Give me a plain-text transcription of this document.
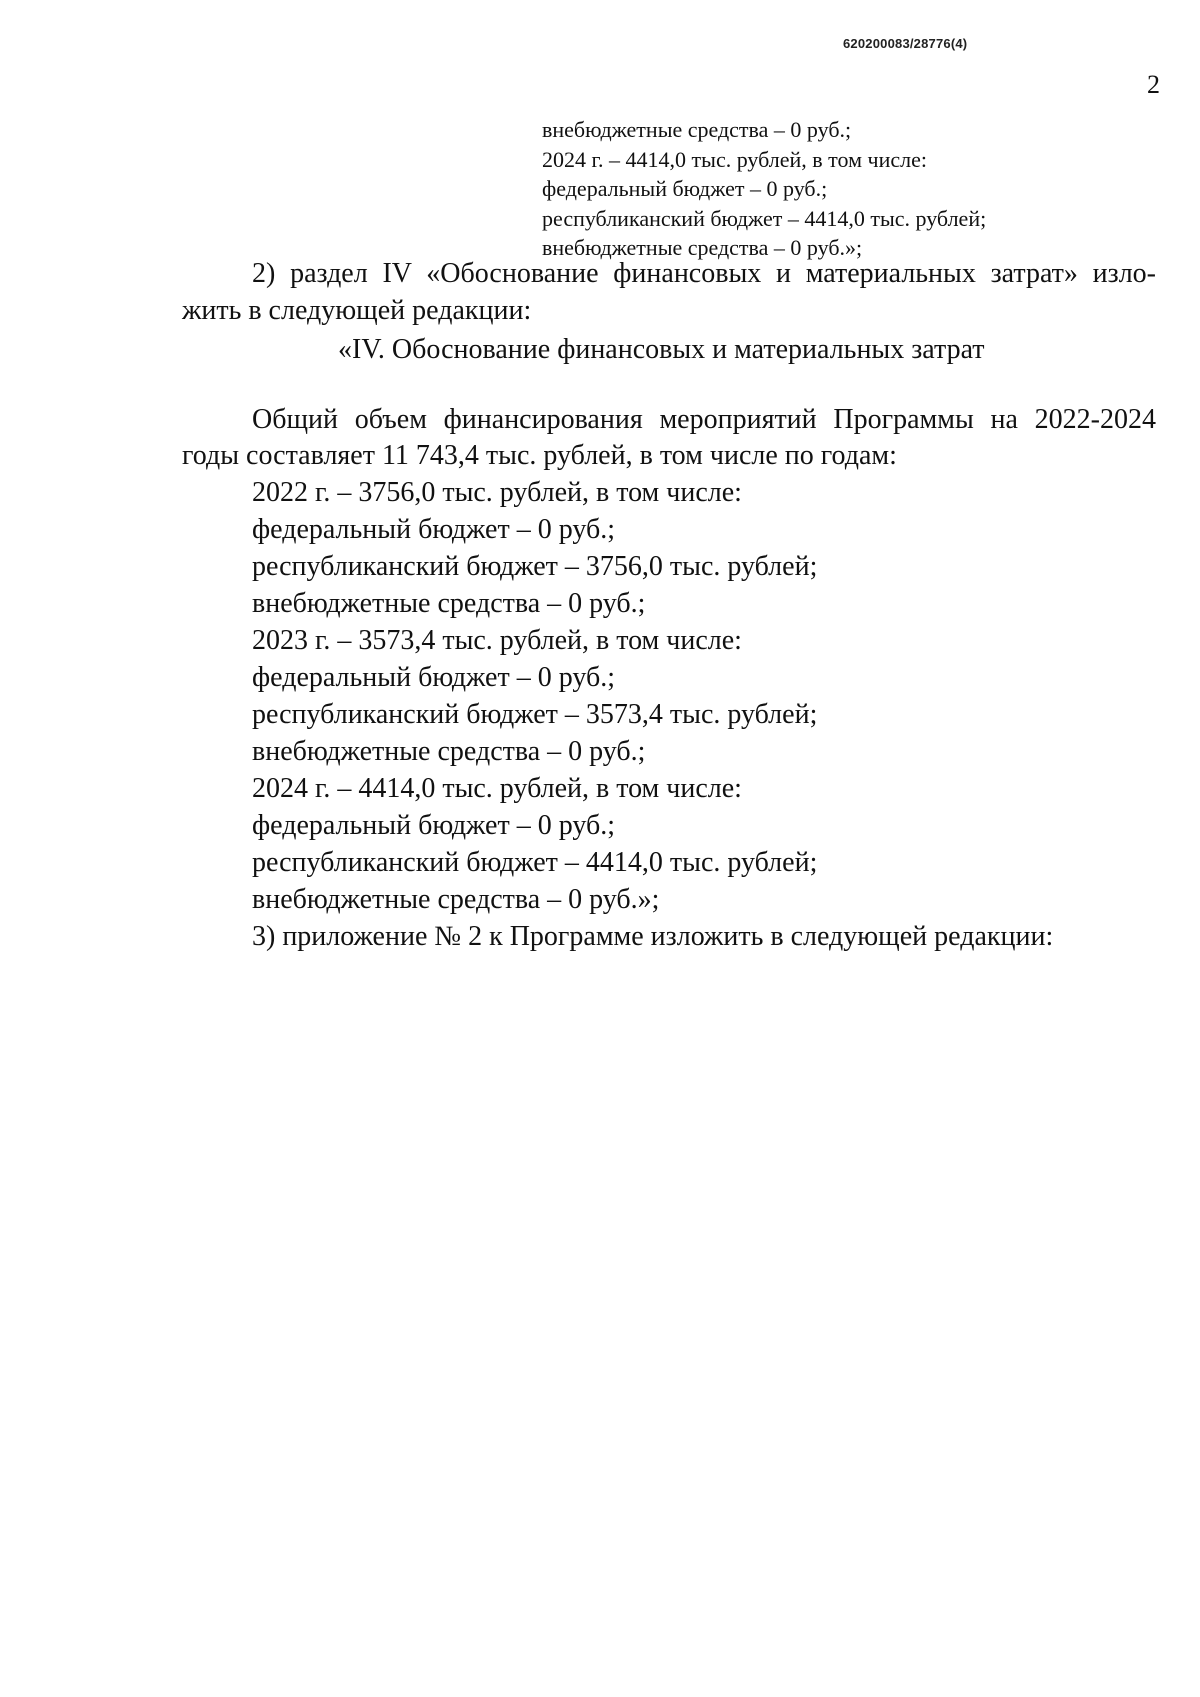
620200083/28776(4)
2
внебюджетные средства – 0 руб.;
2024 г. – 4414,0 тыс. рублей, в том числе:
федеральный бюджет – 0 руб.;
республиканский бюджет – 4414,0 тыс. рублей;
внебюджетные средства – 0 руб.»;
2) раздел IV «Обоснование финансовых и материальных затрат» изло-
жить в следующей редакции:
«IV. Обоснование финансовых и материальных затрат
Общий объем финансирования мероприятий Программы на 2022-2024
годы составляет 11 743,4 тыс. рублей, в том числе по годам:
2022 г. – 3756,0 тыс. рублей, в том числе:
федеральный бюджет – 0 руб.;
республиканский бюджет – 3756,0 тыс. рублей;
внебюджетные средства – 0 руб.;
2023 г. – 3573,4 тыс. рублей, в том числе:
федеральный бюджет – 0 руб.;
республиканский бюджет – 3573,4 тыс. рублей;
внебюджетные средства – 0 руб.;
2024 г. – 4414,0 тыс. рублей, в том числе:
федеральный бюджет – 0 руб.;
республиканский бюджет – 4414,0 тыс. рублей;
внебюджетные средства – 0 руб.»;
3) приложение № 2 к Программе изложить в следующей редакции:
